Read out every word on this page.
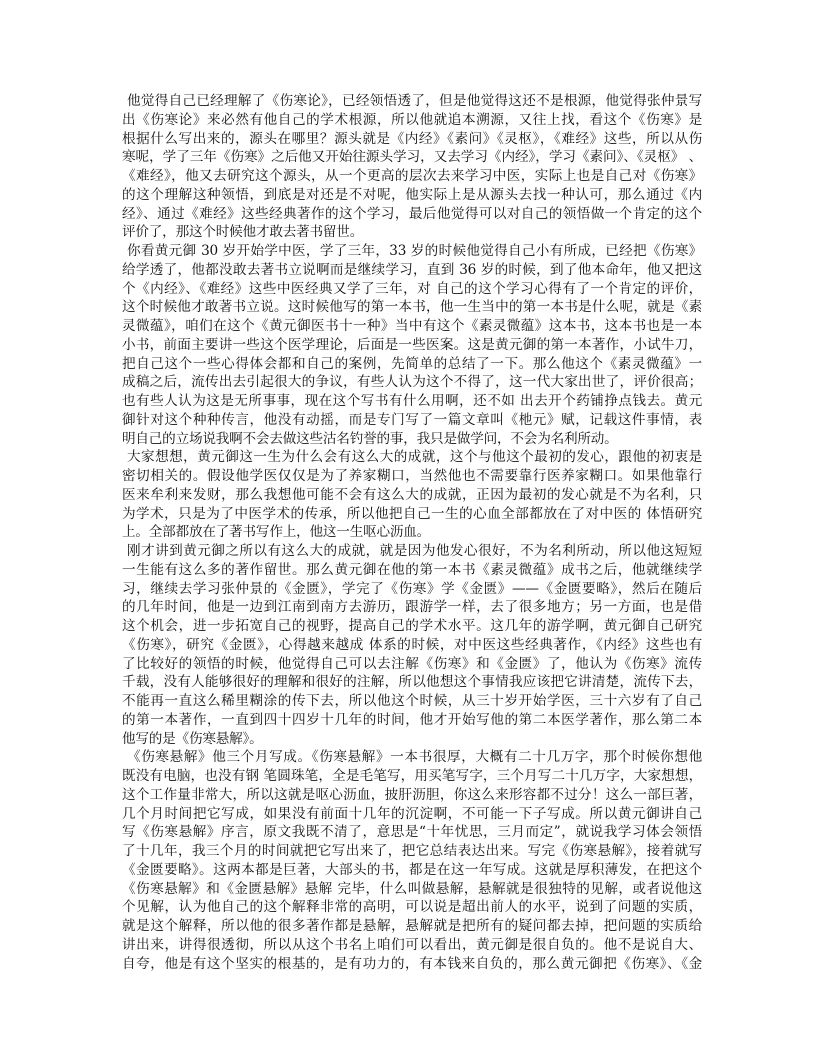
他觉得自己已经理解了《伤寒论》，已经领悟透了，但是他觉得这还不是根源，他觉得张仲景写
出《伤寒论》来必然有他自己的学术根源，所以他就追本溯源，又往上找，看这个《伤寒》是
根据什么写出来的，源头在哪里？源头就是《内经》《素问》《灵枢》，《难经》这些，所以从伤
寒呢，学了三年《伤寒》之后他又开始往源头学习，又去学习《内经》，学习《素问》、《灵枢》 、
《难经》，他又去研究这个源头，从一个更高的层次去来学习中医，实际上也是自己对《伤寒》
的这个理解这种领悟，到底是对还是不对呢，他实际上是从源头去找一种认可，那么通过《内
经》、通过《难经》这些经典著作的这个学习，最后他觉得可以对自己的领悟做一个肯定的这个
评价了，那这个时候他才敢去著书留世。
你看黄元御 30 岁开始学中医，学了三年，33 岁的时候他觉得自己小有所成，已经把《伤寒》
给学透了，他都没敢去著书立说啊而是继续学习，直到 36 岁的时候，到了他本命年，他又把这
个《内经》、《难经》这些中医经典又学了三年，对 自己的这个学习心得有了一个肯定的评价，
这个时候他才敢著书立说。这时候他写的第一本书，他一生当中的第一本书是什么呢，就是《素
灵微蕴》，咱们在这个《黄元御医书十一种》当中有这个《素灵微蕴》这本书，这本书也是一本
小书，前面主要讲一些这个医学理论，后面是一些医案。这是黄元御的第一本著作，小试牛刀，
把自己这个一些心得体会都和自己的案例，先简单的总结了一下。那么他这个《素灵微蕴》一
成稿之后，流传出去引起很大的争议，有些人认为这个不得了，这一代大家出世了，评价很高；
也有些人认为这是无所事事，现在这个写书有什么用啊，还不如 出去开个药铺挣点钱去。黄元
御针对这个种种传言，他没有动摇，而是专门写了一篇文章叫《杝元》赋，记载这件事情，表
明自己的立场说我啊不会去做这些沽名钓誉的事，我只是做学问，不会为名利所动。
大家想想，黄元御这一生为什么会有这么大的成就，这个与他这个最初的发心，跟他的初衷是
密切相关的。假设他学医仅仅是为了养家糊口，当然他也不需要靠行医养家糊口。如果他靠行
医来牟利来发财，那么我想他可能不会有这么大的成就，正因为最初的发心就是不为名利，只
为学术，只是为了中医学术的传承，所以他把自己一生的心血全部都放在了对中医的 体悟研究
上。全部都放在了著书写作上，他这一生呕心沥血。
刚才讲到黄元御之所以有这么大的成就，就是因为他发心很好，不为名利所动，所以他这短短
一生能有这么多的著作留世。那么黄元御在他的第一本书《素灵微蕴》成书之后，他就继续学
习，继续去学习张仲景的《金匮》，学完了《伤寒》学《金匮》——《金匮要略》，然后在随后
的几年时间，他是一边到江南到南方去游历，跟游学一样，去了很多地方；另一方面，也是借
这个机会，进一步拓宽自己的视野，提高自己的学术水平。这几年的游学啊，黄元御自己研究
《伤寒》，研究《金匮》，心得越来越成 体系的时候，对中医这些经典著作，《内经》这些也有
了比较好的领悟的时候，他觉得自己可以去注解《伤寒》和《金匮》了，他认为《伤寒》流传
千载，没有人能够很好的理解和很好的注解，所以他想这个事情我应该把它讲清楚，流传下去，
不能再一直这么稀里糊涂的传下去，所以他这个时候，从三十岁开始学医，三十六岁有了自己
的第一本著作，一直到四十四岁十几年的时间，他才开始写他的第二本医学著作，那么第二本
他写的是《伤寒悬解》。
《伤寒悬解》他三个月写成。《伤寒悬解》一本书很厚，大概有二十几万字，那个时候你想他
既没有电脑，也没有钢 笔圆珠笔，全是毛笔写，用买笔写字，三个月写二十几万字，大家想想，
这个工作量非常大，所以这就是呕心沥血，披肝沥胆，你这么来形容都不过分！这么一部巨著，
几个月时间把它写成，如果没有前面十几年的沉淀啊，不可能一下子写成。所以黄元御讲自己
写《伤寒悬解》序言，原文我既不清了，意思是“十年忧思，三月而定”，就说我学习体会领悟
了十几年，我三个月的时间就把它写出来了，把它总结表达出来。写完《伤寒悬解》，接着就写
《金匮要略》。这两本都是巨著，大部头的书，都是在这一年写成。这就是厚积薄发，在把这个
《伤寒悬解》和《金匮悬解》悬解 完毕，什么叫做悬解，悬解就是很独特的见解，或者说他这
个见解，认为他自己的这个解释非常的高明，可以说是超出前人的水平，说到了问题的实质，
就是这个解释，所以他的很多著作都是悬解，悬解就是把所有的疑问都去掉，把问题的实质给
讲出来，讲得很透彻，所以从这个书名上咱们可以看出，黄元御是很自负的。他不是说自大、
自夸，他是有这个坚实的根基的，是有功力的，有本钱来自负的，那么黄元御把《伤寒》、《金
